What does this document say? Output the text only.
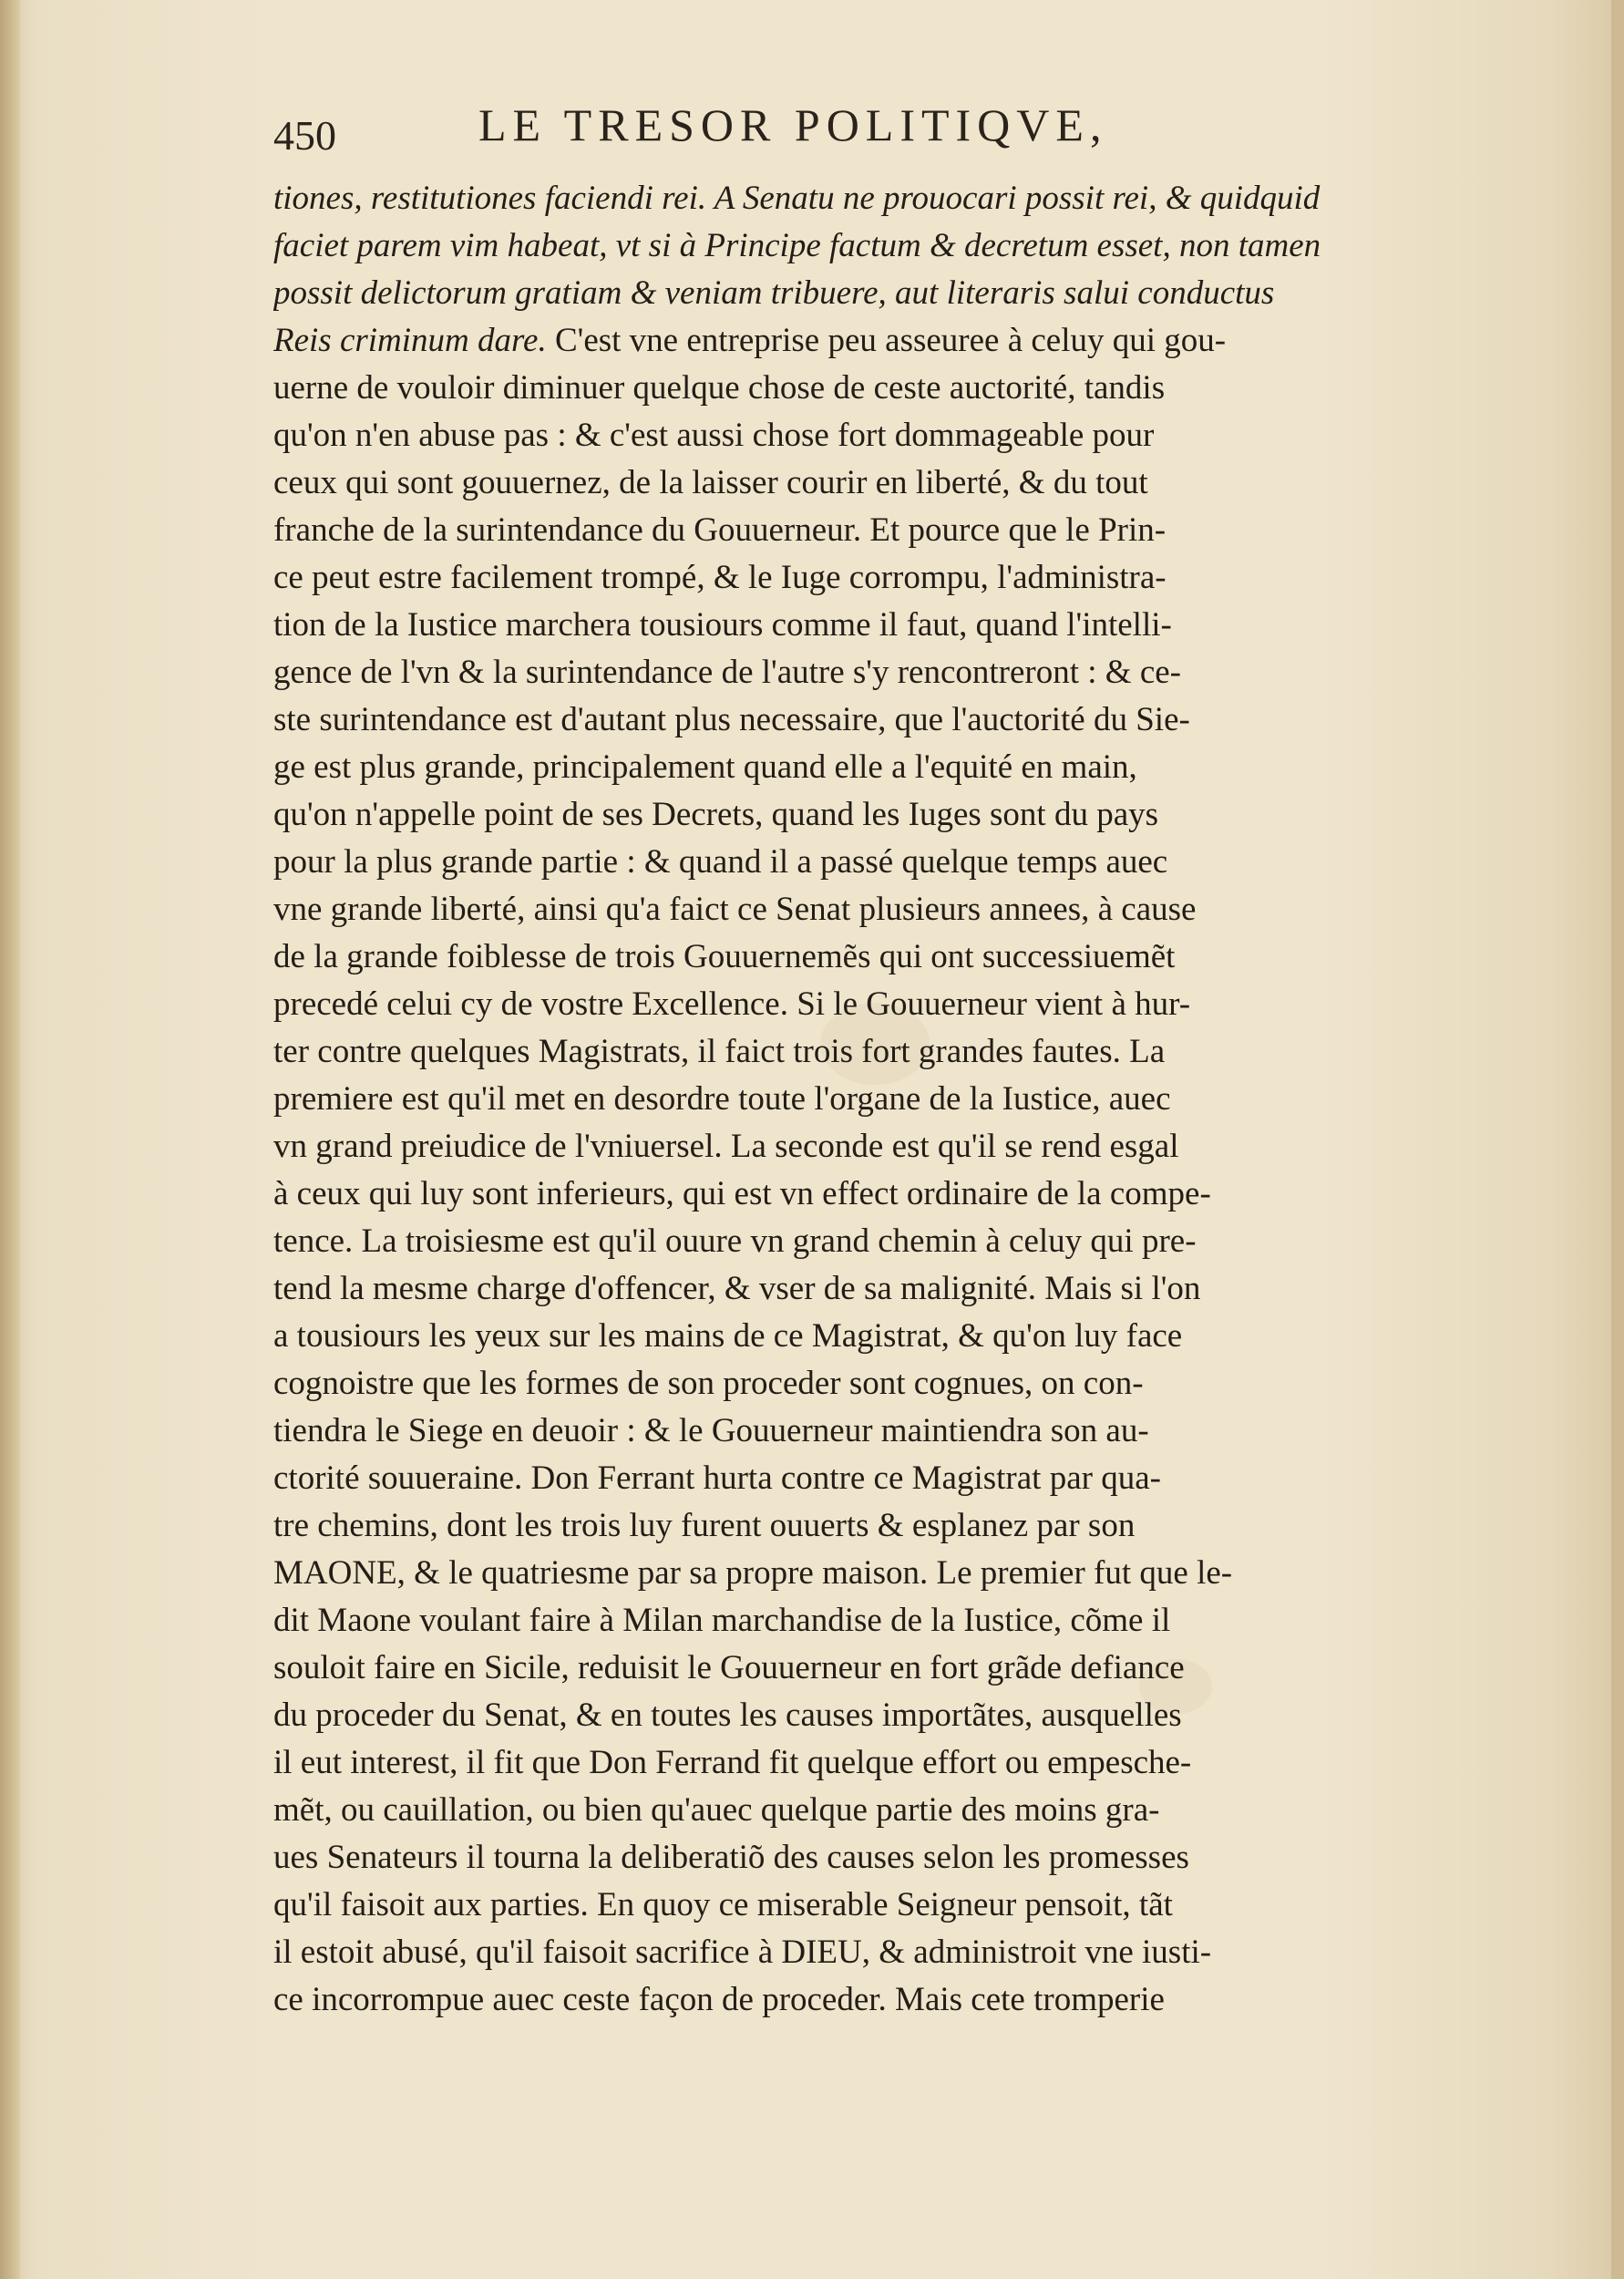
450	LE TRESOR POLITIQVE,
tiones, restitutiones faciendi rei. A Senatu ne prouocari possit rei, & quidquid
faciet parem vim habeat, vt si à Principe factum & decretum esset, non tamen
possit delictorum gratiam & veniam tribuere, aut literaris salui conductus
Reis criminum dare. C'est vne entreprise peu asseuree à celuy qui gou-
uerne de vouloir diminuer quelque chose de ceste auctorité, tandis
qu'on n'en abuse pas : & c'est aussi chose fort dommageable pour
ceux qui sont gouuernez, de la laisser courir en liberté, & du tout
franche de la surintendance du Gouuerneur. Et pource que le Prin-
ce peut estre facilement trompé, & le Iuge corrompu, l'administra-
tion de la Iustice marchera tousiours comme il faut, quand l'intelli-
gence de l'vn & la surintendance de l'autre s'y rencontreront : & ce-
ste surintendance est d'autant plus necessaire, que l'auctorité du Sie-
ge est plus grande, principalement quand elle a l'equité en main,
qu'on n'appelle point de ses Decrets, quand les Iuges sont du pays
pour la plus grande partie : & quand il a passé quelque temps auec
vne grande liberté, ainsi qu'a faict ce Senat plusieurs annees, à cause
de la grande foiblesse de trois Gouuernemẽs qui ont successiuemẽt
precedé celui cy de vostre Excellence. Si le Gouuerneur vient à hur-
ter contre quelques Magistrats, il faict trois fort grandes fautes. La
premiere est qu'il met en desordre toute l'organe de la Iustice, auec
vn grand preiudice de l'vniuersel. La seconde est qu'il se rend esgal
à ceux qui luy sont inferieurs, qui est vn effect ordinaire de la compe-
tence. La troisiesme est qu'il ouure vn grand chemin à celuy qui pre-
tend la mesme charge d'offencer, & vser de sa malignité. Mais si l'on
a tousiours les yeux sur les mains de ce Magistrat, & qu'on luy face
cognoistre que les formes de son proceder sont cognues, on con-
tiendra le Siege en deuoir : & le Gouuerneur maintiendra son au-
ctorité souueraine. Don Ferrant hurta contre ce Magistrat par qua-
tre chemins, dont les trois luy furent ouuerts & esplanez par son
MAONE, & le quatriesme par sa propre maison. Le premier fut que le-
dit Maone voulant faire à Milan marchandise de la Iustice, cõme il
souloit faire en Sicile, reduisit le Gouuerneur en fort grãde defiance
du proceder du Senat, & en toutes les causes importãtes, ausquelles
il eut interest, il fit que Don Ferrand fit quelque effort ou empesche-
mẽt, ou cauillation, ou bien qu'auec quelque partie des moins gra-
ues Senateurs il tourna la deliberatiõ des causes selon les promesses
qu'il faisoit aux parties. En quoy ce miserable Seigneur pensoit, tãt
il estoit abusé, qu'il faisoit sacrifice à DIEU, & administroit vne iusti-
ce incorrompue auec ceste façon de proceder. Mais cete tromperie
